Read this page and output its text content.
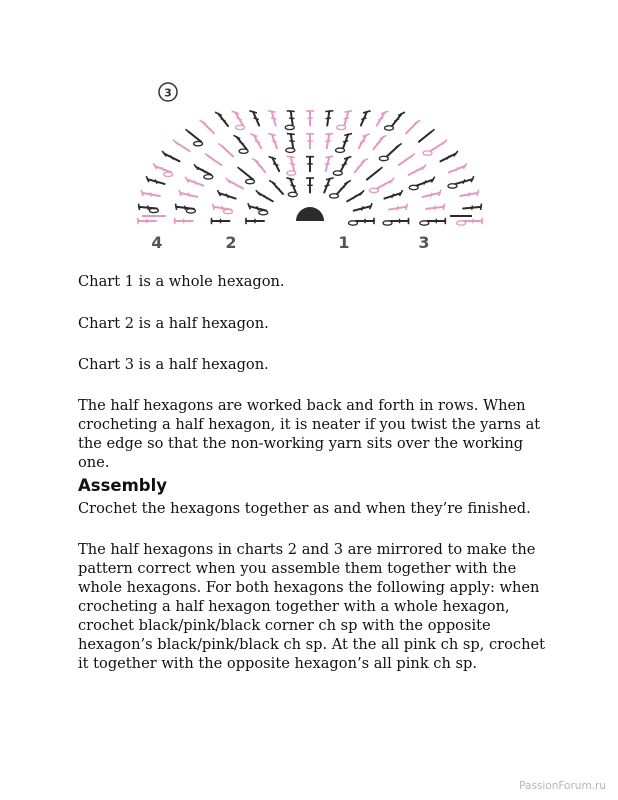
3
4	2	1	3

Chart 1 is a whole hexagon.

Chart 2 is a half hexagon.

Chart 3 is a half hexagon.

The half hexagons are worked back and forth in rows. When crocheting a half hexagon, it is neater if you twist the yarns at the edge so that the non-working yarn sits over the working one.

Assembly

Crochet the hexagons together as and when they’re finished.

The half hexagons in charts 2 and 3 are mirrored to make the pattern correct when you assemble them together with the whole hexagons. For both hexagons the following apply: when crocheting a half hexagon together with a whole hexagon, crochet black/pink/black corner ch sp with the opposite hexagon’s black/pink/black ch sp. At the all pink ch sp, crochet it together with the opposite hexagon’s all pink ch sp.

PassionForum.ru
